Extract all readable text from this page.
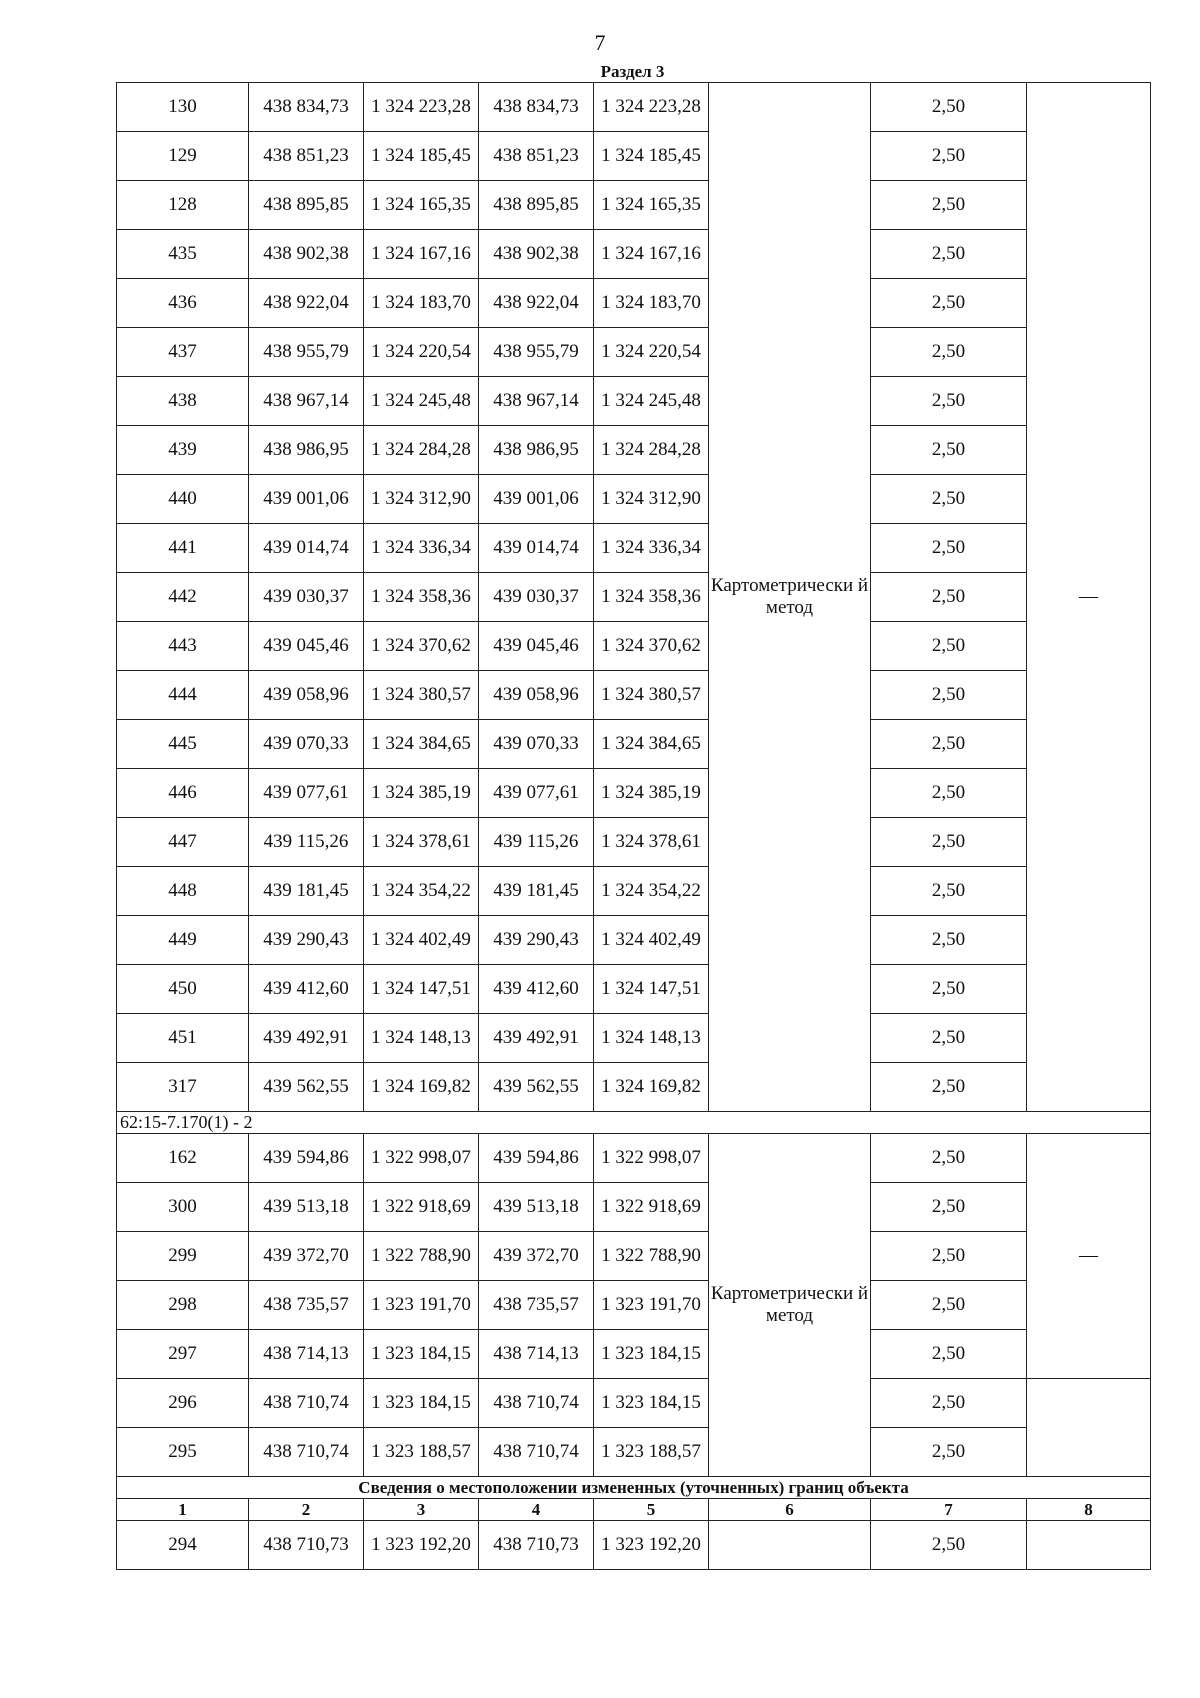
7
Раздел 3
130	438 834,73	1 324 223,28	438 834,73	1 324 223,28	Картометрически й метод	2,50	—
129	438 851,23	1 324 185,45	438 851,23	1 324 185,45		2,50	
128	438 895,85	1 324 165,35	438 895,85	1 324 165,35		2,50	
435	438 902,38	1 324 167,16	438 902,38	1 324 167,16		2,50	
436	438 922,04	1 324 183,70	438 922,04	1 324 183,70		2,50	
437	438 955,79	1 324 220,54	438 955,79	1 324 220,54		2,50	
438	438 967,14	1 324 245,48	438 967,14	1 324 245,48		2,50	
439	438 986,95	1 324 284,28	438 986,95	1 324 284,28		2,50	
440	439 001,06	1 324 312,90	439 001,06	1 324 312,90		2,50	
441	439 014,74	1 324 336,34	439 014,74	1 324 336,34		2,50	
442	439 030,37	1 324 358,36	439 030,37	1 324 358,36		2,50	
443	439 045,46	1 324 370,62	439 045,46	1 324 370,62		2,50	
444	439 058,96	1 324 380,57	439 058,96	1 324 380,57		2,50	
445	439 070,33	1 324 384,65	439 070,33	1 324 384,65		2,50	
446	439 077,61	1 324 385,19	439 077,61	1 324 385,19		2,50	
447	439 115,26	1 324 378,61	439 115,26	1 324 378,61		2,50	
448	439 181,45	1 324 354,22	439 181,45	1 324 354,22		2,50	
449	439 290,43	1 324 402,49	439 290,43	1 324 402,49		2,50	
450	439 412,60	1 324 147,51	439 412,60	1 324 147,51		2,50	
451	439 492,91	1 324 148,13	439 492,91	1 324 148,13		2,50	
317	439 562,55	1 324 169,82	439 562,55	1 324 169,82		2,50	
62:15-7.170(1) - 2							
162	439 594,86	1 322 998,07	439 594,86	1 322 998,07	Картометрически й метод	2,50	—
300	439 513,18	1 322 918,69	439 513,18	1 322 918,69		2,50	
299	439 372,70	1 322 788,90	439 372,70	1 322 788,90		2,50	
298	438 735,57	1 323 191,70	438 735,57	1 323 191,70		2,50	
297	438 714,13	1 323 184,15	438 714,13	1 323 184,15		2,50	
296	438 710,74	1 323 184,15	438 710,74	1 323 184,15		2,50	
295	438 710,74	1 323 188,57	438 710,74	1 323 188,57		2,50	
Сведения о местоположении измененных (уточненных) границ объекта							
1	2	3	4	5	6	7	8
294	438 710,73	1 323 192,20	438 710,73	1 323 192,20		2,50	
